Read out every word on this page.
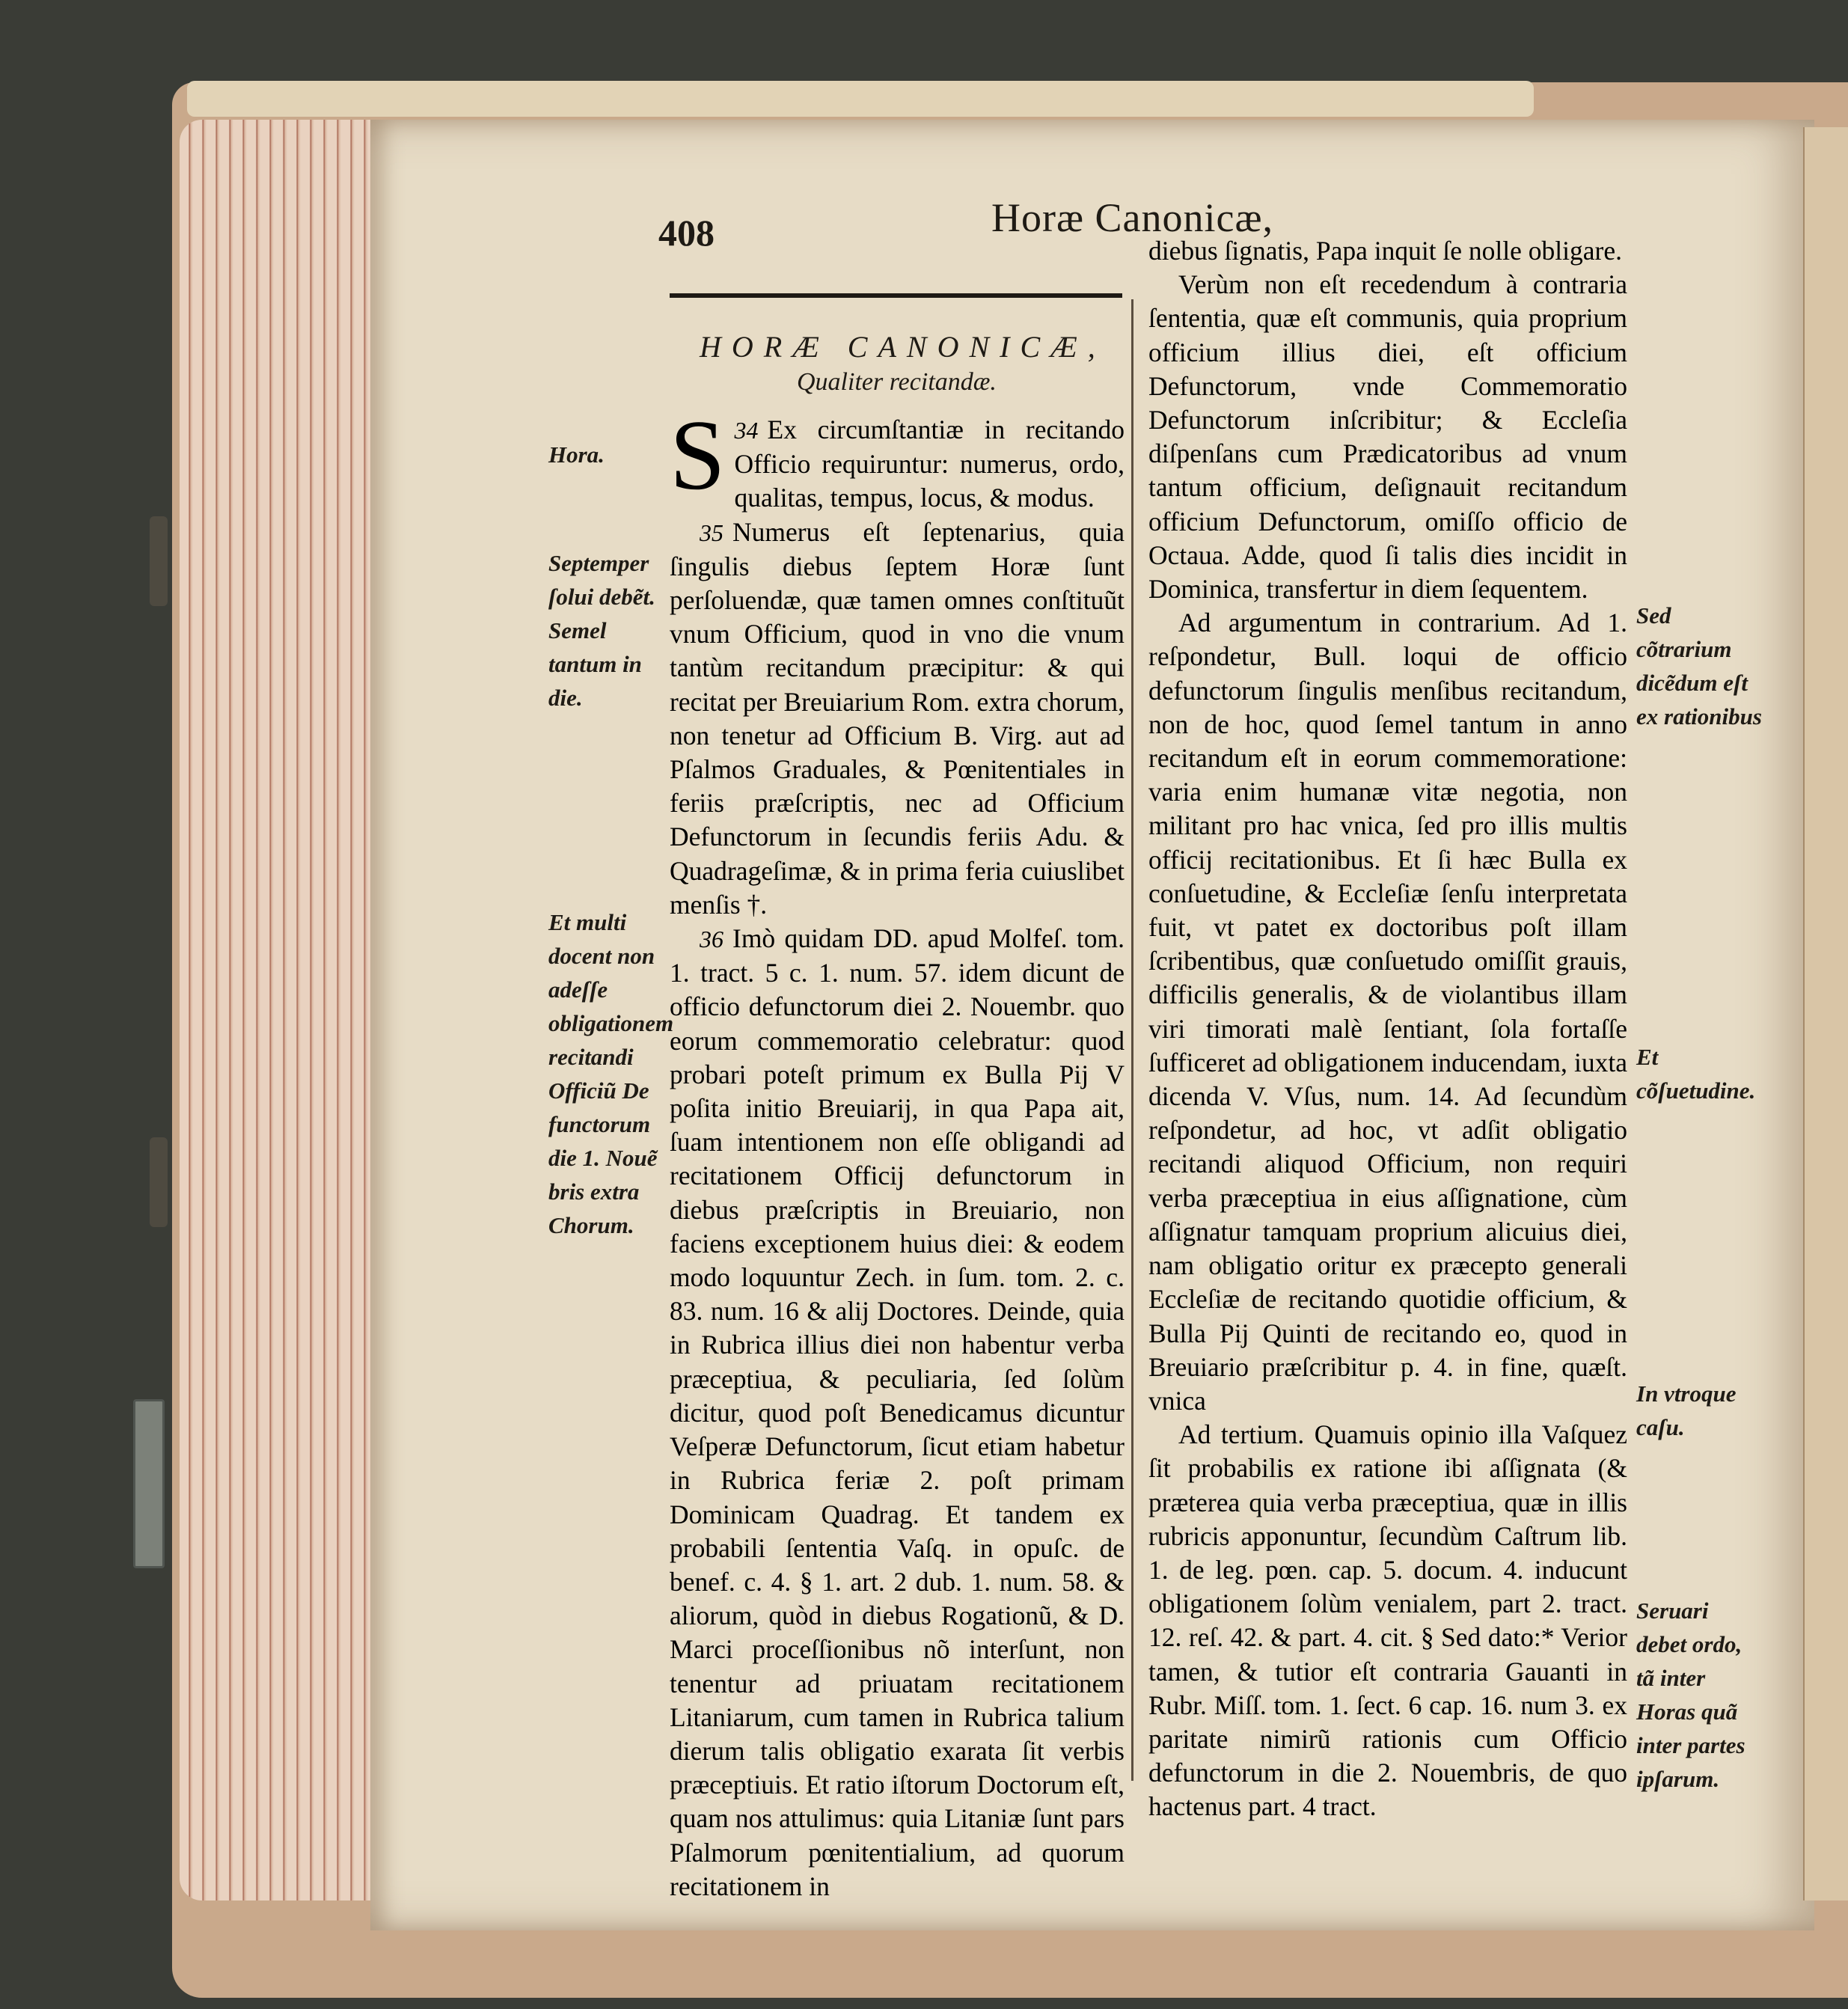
408	Horæ Canonicæ,
HORÆ CANONICÆ,
Qualiter recitandæ.

34
S Ex circumſtantiæ in recitando Officio requiruntur: numerus, ordo, qualitas, tempus, locus, & modus.

35 Numerus eſt ſeptenarius, quia ſingulis diebus ſeptem Horæ ſunt perſoluendæ, quæ tamen omnes conſtituũt vnum Officium, quod in vno die vnum tantùm recitandum præcipitur: & qui recitat per Breuiarium Rom. extra chorum, non tenetur ad Officium B. Virg. aut ad Pſalmos Graduales, & Pœnitentiales in feriis præſcriptis, nec ad Officium Defunctorum in ſecundis feriis Adu. & Quadrageſimæ, & in prima feria cuiuslibet menſis †.

36 Imò quidam DD. apud Molfeſ. tom. 1. tract. 5 c. 1. num. 57. idem dicunt de officio defunctorum diei 2. Nouembr. quo eorum commemoratio celebratur: quod probari poteſt primum ex Bulla Pij V poſita initio Breuiarij, in qua Papa ait, ſuam intentionem non eſſe obligandi ad recitationem Officij defunctorum in diebus præſcriptis in Breuiario, non faciens exceptionem huius diei: & eodem modo loquuntur Zech. in ſum. tom. 2. c. 83. num. 16 & alij Doctores. Deinde, quia in Rubrica illius diei non habentur verba præceptiua, & peculiaria, ſed ſolùm dicitur, quod poſt Benedicamus dicuntur Veſperæ Defunctorum, ſicut etiam habetur in Rubrica feriæ 2. poſt primam Dominicam Quadrag. Et tandem ex probabili ſententia Vaſq. in opuſc. de benef. c. 4. § 1. art. 2 dub. 1. num. 58. & aliorum, quòd in diebus Rogationũ, & D. Marci proceſſionibus nõ interſunt, non tenentur ad priuatam recitationem Litaniarum, cum tamen in Rubrica talium dierum talis obligatio exarata ſit verbis præceptiuis. Et ratio iſtorum Doctorum eſt, quam nos attulimus: quia Litaniæ ſunt pars Pſalmorum pœnitentialium, ad quorum recitationem in

diebus ſignatis, Papa inquit ſe nolle obligare.

Verùm non eſt recedendum à contraria ſententia, quæ eſt communis, quia proprium officium illius diei, eſt officium Defunctorum, vnde Commemoratio Defunctorum inſcribitur; & Eccleſia diſpenſans cum Prædicatoribus ad vnum tantum officium, deſignauit recitandum officium Defunctorum, omiſſo officio de Octaua. Adde, quod ſi talis dies incidit in Dominica, transfertur in diem ſequentem.

Ad argumentum in contrarium. Ad 1. reſpondetur, Bull. loqui de officio defunctorum ſingulis menſibus recitandum, non de hoc, quod ſemel tantum in anno recitandum eſt in eorum commemoratione: varia enim humanæ vitæ negotia, non militant pro hac vnica, ſed pro illis multis officij recitationibus. Et ſi hæc Bulla ex conſuetudine, & Eccleſiæ ſenſu interpretata fuit, vt patet ex doctoribus poſt illam ſcribentibus, quæ conſuetudo omiſſit grauis, difficilis generalis, & de violantibus illam viri timorati malè ſentiant, ſola fortaſſe ſufficeret ad obligationem inducendam, iuxta dicenda V. Vſus, num. 14. Ad ſecundùm reſpondetur, ad hoc, vt adſit obligatio recitandi aliquod Officium, non requiri verba præceptiua in eius aſſignatione, cùm aſſignatur tamquam proprium alicuius diei, nam obligatio oritur ex præcepto generali Eccleſiæ de recitando quotidie officium, & Bulla Pij Quinti de recitando eo, quod in Breuiario præſcribitur p. 4. in fine, quæſt. vnica

Ad tertium. Quamuis opinio illa Vaſquez ſit probabilis ex ratione ibi aſſignata (& præterea quia verba præceptiua, quæ in illis rubricis apponuntur, ſecundùm Caſtrum lib. 1. de leg. pœn. cap. 5. docum. 4. inducunt obligationem ſolùm venialem, part 2. tract. 12. reſ. 42. & part. 4. cit. § Sed dato:* Verior tamen, & tutior eſt contraria Gauanti in Rubr. Miſſ. tom. 1. ſect. 6 cap. 16. num 3. ex paritate nimirũ rationis cum Officio defunctorum in die 2. Nouembris, de quo hactenus part. 4 tract.

Hora.
Septemper ſolui debẽt. Semel tantum in die.
Et multi docent non adeſſe obligationem recitandi Officiũ De functorum die 1. Nouẽ bris extra Chorum.
Sed cõtrarium dicẽdum eſt ex rationibus
Et cõſuetudine.
In vtroque caſu.
Seruari debet ordo, tã inter Horas quã inter partes ipſarum.
